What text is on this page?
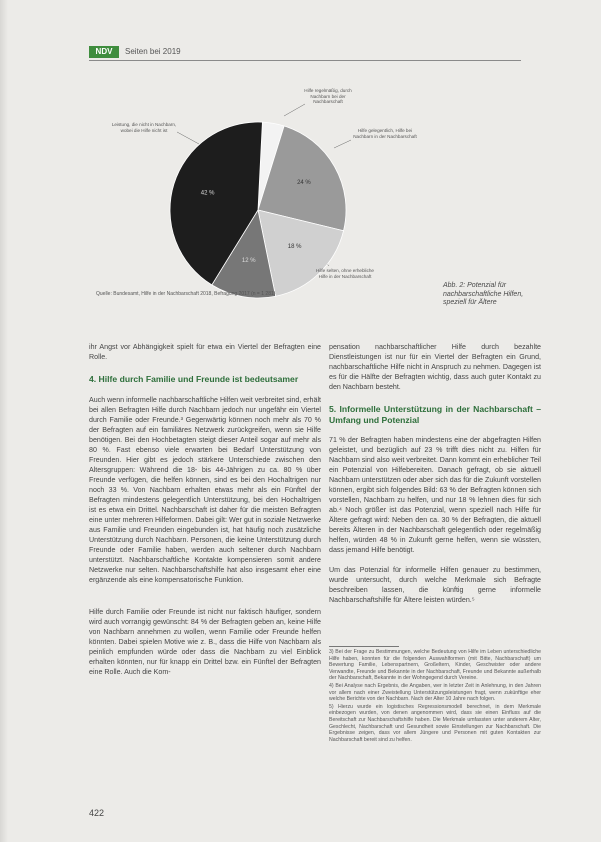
NDV	Seiten bei 2019
24 %
18 %
12 %
42 %
Hilfe regelmäßig, durch Nachbarn bei der Nachbarschaft
Hilfe gelegentlich, Hilfe bei Nachbarn in der Nachbarschaft
Hilfe selten, ohne erhebliche Hilfe in der Nachbarschaft
Leistung, die nicht in Nachbarn, wobei die Hilfe nicht ist
Quelle: Bundesamt, Hilfe in der Nachbarschaft 2018, Befragung 2017 (n = 1 281)
Abb. 2: Potenzial für nachbarschaftliche Hilfen, speziell für Ältere

ihr Angst vor Abhängigkeit spielt für etwa ein Viertel der Befragten eine Rolle.

4. Hilfe durch Familie und Freunde ist bedeutsamer

Auch wenn informelle nachbarschaftliche Hilfen weit verbreitet sind, erhält bei allen Befragten Hilfe durch Nachbarn jedoch nur ungefähr ein Viertel durch Familie oder Freunde.³ Gegenwärtig können noch mehr als 70 % der Befragten auf ein familiäres Netzwerk zurückgreifen, wenn sie Hilfe benötigen. Bei den Hochbetagten steigt dieser Anteil sogar auf mehr als 80 %. Fast ebenso viele erwarten bei Bedarf Unterstützung von Freunden. Hier gibt es jedoch stärkere Unterschiede zwischen den Altersgruppen: Während die 18- bis 44-Jährigen zu ca. 80 % über Freunde verfügen, die helfen können, sind es bei den Hochaltrigen nur noch 33 %. Von Nachbarn erhalten etwas mehr als ein Fünftel der Befragten mindestens gelegentlich Unterstützung, bei den Hochaltrigen ist es etwa ein Drittel. Nachbarschaft ist daher für die meisten Befragten eine unter mehreren Hilfeformen. Dabei gilt: Wer gut in soziale Netzwerke aus Familie und Freunden eingebunden ist, hat häufig noch zusätzliche Unterstützung durch Nachbarn. Personen, die keine Unterstützung durch Freunde oder Familie haben, werden auch seltener durch Nachbarn unterstützt. Nachbarschaftliche Kontakte kompensieren somit andere Netzwerke nur selten. Nachbarschaftshilfe hat also insgesamt eher eine ergänzende als eine kompensatorische Funktion.

Hilfe durch Familie oder Freunde ist nicht nur faktisch häufiger, sondern wird auch vorrangig gewünscht: 84 % der Befragten geben an, keine Hilfe von Nachbarn annehmen zu wollen, wenn Familie oder Freunde helfen könnten. Dabei spielen Motive wie z. B., dass die Hilfe von Nachbarn als peinlich empfunden würde oder dass die Nachbarn zu viel Einblick erhalten könnten, nur für knapp ein Drittel bzw. ein Fünftel der Befragten eine Rolle. Auch die Kom-

pensation nachbarschaftlicher Hilfe durch bezahlte Dienstleistungen ist nur für ein Viertel der Befragten ein Grund, nachbarschaftliche Hilfe nicht in Anspruch zu nehmen. Dagegen ist es für die Hälfte der Befragten wichtig, dass auch guter Kontakt zu den Nachbarn besteht.

5. Informelle Unterstützung in der Nachbarschaft – Umfang und Potenzial

71 % der Befragten haben mindestens eine der abgefragten Hilfen geleistet, und bezüglich auf 23 % trifft dies nicht zu. Hilfen für Nachbarn sind also weit verbreitet. Dann kommt ein erheblicher Teil ein Potenzial von Hilfebereiten. Danach gefragt, ob sie aktuell Nachbarn unterstützen oder aber sich das für die Zukunft vorstellen können, ergibt sich folgendes Bild: 63 % der Befragten können sich vorstellen, Nachbarn zu helfen, und nur 18 % lehnen dies für sich ab.⁴ Noch größer ist das Potenzial, wenn speziell nach Hilfe für Ältere gefragt wird: Neben den ca. 30 % der Befragten, die aktuell bereits Älteren in der Nachbarschaft gelegentlich oder regelmäßig helfen, würden 48 % in Zukunft gerne helfen, wenn sie wüssten, dass jemand Hilfe benötigt.

Um das Potenzial für informelle Hilfen genauer zu bestimmen, wurde untersucht, durch welche Merkmale sich Befragte beschreiben lassen, die künftig gerne informelle Nachbarschaftshilfe für Ältere leisten würden.⁵

3) Bei der Frage zu Bestimmungen, welche Bedeutung von Hilfe im Leben unterschiedliche Hilfe haben, konnten für die folgenden Auswahlformen (mit Bitte, Nachbarschaft) um Bewertung Familie, Lebenspartnern, Großeltern, Kinder, Geschwister oder andere Verwandte, Freunde und Bekannte in der Nachbarschaft, Freunde und Bekannte außerhalb der Nachbarschaft, Bekannte in der Wohngegend durch Vereine.

4) Bei Analyse nach Ergebnis, die Angaben, wer in letzter Zeit in Anlehnung, in den Jahren vor allem nach einer Zweistellung Unterstützungsleistungen fragt, wenn zukünftige eher welche Berichte von der Nachbarn. Nach der Alter 10 Jahre nach folgen.

5) Hierzu wurde ein logistisches Regressionsmodell berechnet, in dem Merkmale einbezogen wurden, von denen angenommen wird, dass sie einen Einfluss auf die Bereitschaft zur Nachbarschaftshilfe haben. Die Merkmale umfassten unter anderem Alter, Geschlecht, Nachbarschaft und Gesundheit sowie Einstellungen zur Nachbarschaft. Die Ergebnisse zeigen, dass vor allem Jüngere und Personen mit guten Kontakten zur Nachbarschaft bereit sind zu helfen.

422
